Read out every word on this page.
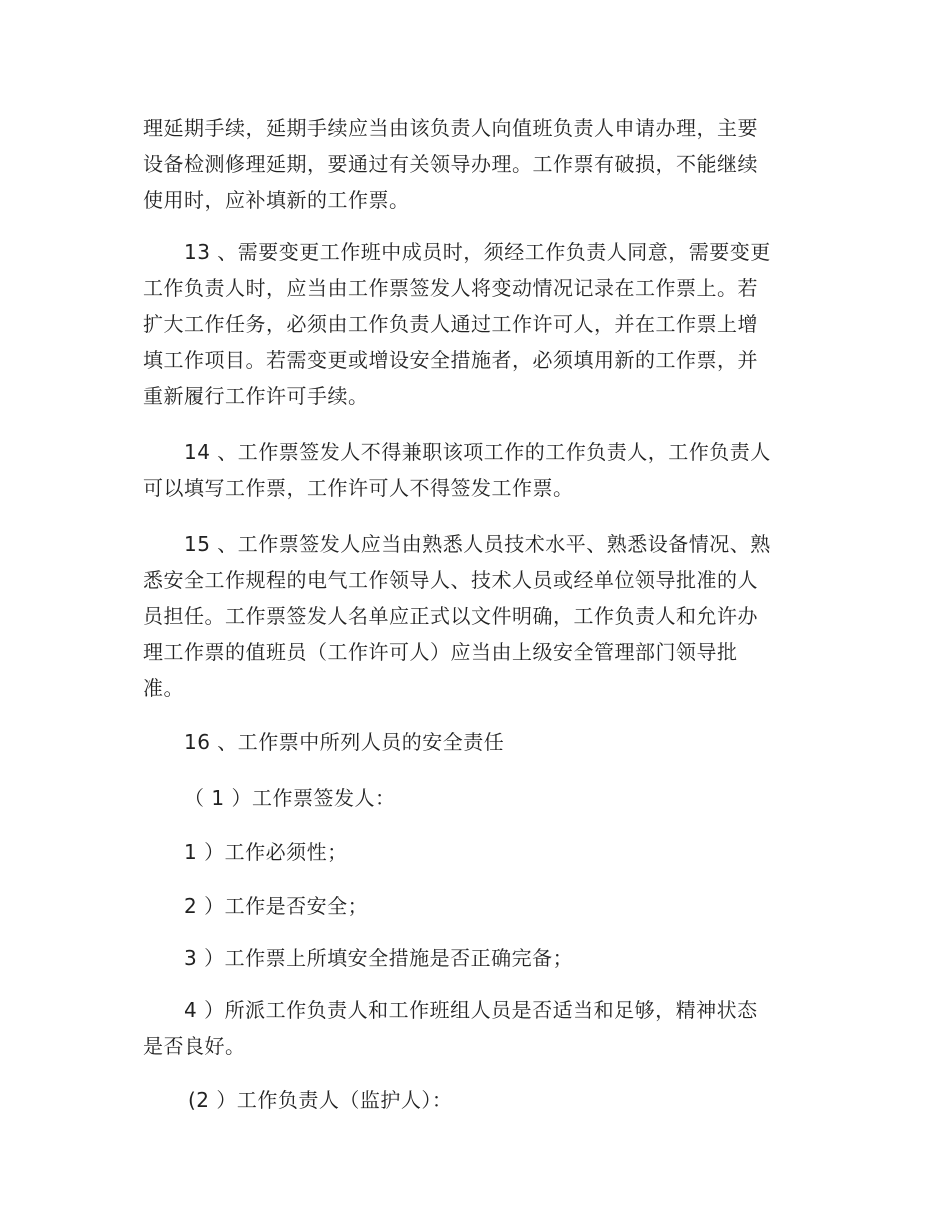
理延期手续，延期手续应当由该负责人向值班负责人申请办理，主要
设备检测修理延期，要通过有关领导办理。工作票有破损，不能继续
使用时，应补填新的工作票。
13 、需要变更工作班中成员时，须经工作负责人同意，需要变更
工作负责人时，应当由工作票签发人将变动情况记录在工作票上。若
扩大工作任务，必须由工作负责人通过工作许可人，并在工作票上增
填工作项目。若需变更或增设安全措施者，必须填用新的工作票，并
重新履行工作许可手续。
14 、工作票签发人不得兼职该项工作的工作负责人，工作负责人
可以填写工作票，工作许可人不得签发工作票。
15 、工作票签发人应当由熟悉人员技术水平、熟悉设备情况、熟
悉安全工作规程的电气工作领导人、技术人员或经单位领导批准的人
员担任。工作票签发人名单应正式以文件明确，工作负责人和允许办
理工作票的值班员（工作许可人）应当由上级安全管理部门领导批
准。
16 、工作票中所列人员的安全责任
（ 1 ）工作票签发人：
1 ）工作必须性；
2 ）工作是否安全；
3 ）工作票上所填安全措施是否正确完备；
4 ）所派工作负责人和工作班组人员是否适当和足够，精神状态
是否良好。
(2 ）工作负责人（监护人）：
